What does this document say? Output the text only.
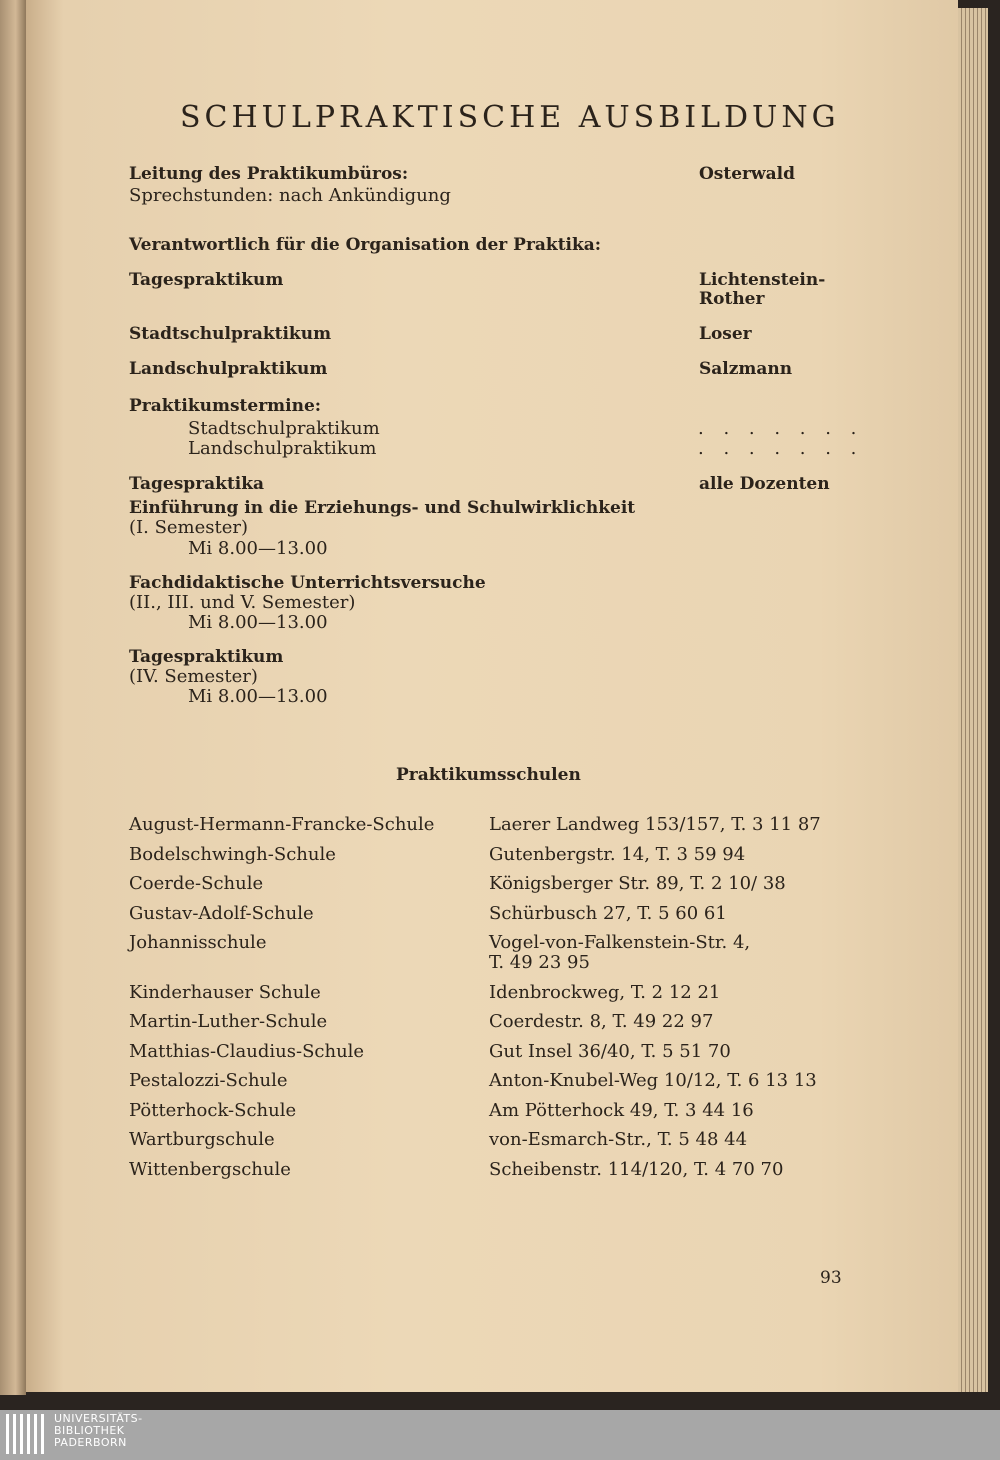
SCHULPRAKTISCHE AUSBILDUNG
Leitung des Praktikumbüros:	Osterwald
Sprechstunden: nach Ankündigung
Verantwortlich für die Organisation der Praktika:
Tagespraktikum	Lichtenstein-
Rother
Stadtschulpraktikum	Loser
Landschulpraktikum	Salzmann
Praktikumstermine:
Stadtschulpraktikum	. . . . . . .
Landschulpraktikum	. . . . . . .
Tagespraktika	alle Dozenten
Einführung in die Erziehungs- und Schulwirklichkeit
(I. Semester)
Mi 8.00—13.00
Fachdidaktische Unterrichtsversuche
(II., III. und V. Semester)
Mi 8.00—13.00
Tagespraktikum
(IV. Semester)
Mi 8.00—13.00
Praktikumsschulen
August-Hermann-Francke-Schule	Laerer Landweg 153/157, T. 3 11 87
Bodelschwingh-Schule	Gutenbergstr. 14, T. 3 59 94
Coerde-Schule	Königsberger Str. 89, T. 2 10/ 38
Gustav-Adolf-Schule	Schürbusch 27, T. 5 60 61
Johannisschule	Vogel-von-Falkenstein-Str. 4,
T. 49 23 95
Kinderhauser Schule	Idenbrockweg, T. 2 12 21
Martin-Luther-Schule	Coerdestr. 8, T. 49 22 97
Matthias-Claudius-Schule	Gut Insel 36/40, T. 5 51 70
Pestalozzi-Schule	Anton-Knubel-Weg 10/12, T. 6 13 13
Pötterhock-Schule	Am Pötterhock 49, T. 3 44 16
Wartburgschule	von-Esmarch-Str., T. 5 48 44
Wittenbergschule	Scheibenstr. 114/120, T. 4 70 70
93
UNIVERSITÄTS-
BIBLIOTHEK
PADERBORN
